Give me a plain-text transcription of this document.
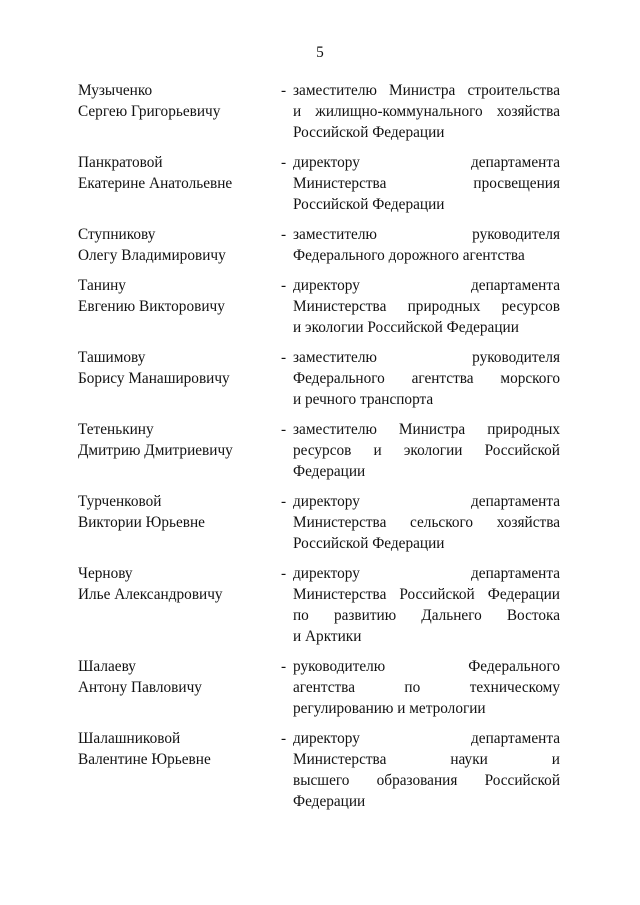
5
Музыченко
Сергею Григорьевичу
- заместителю Министра строительства
и жилищно-коммунального хозяйства
Российской Федерации
Панкратовой
Екатерине Анатольевне
- директору департамента
Министерства просвещения
Российской Федерации
Ступникову
Олегу Владимировичу
- заместителю руководителя
Федерального дорожного агентства
Танину
Евгению Викторовичу
- директору департамента
Министерства природных ресурсов
и экологии Российской Федерации
Ташимову
Борису Манашировичу
- заместителю руководителя
Федерального агентства морского
и речного транспорта
Тетенькину
Дмитрию Дмитриевичу
- заместителю Министра природных
ресурсов и экологии Российской
Федерации
Турченковой
Виктории Юрьевне
- директору департамента
Министерства сельского хозяйства
Российской Федерации
Чернову
Илье Александровичу
- директору департамента
Министерства Российской Федерации
по развитию Дальнего Востока
и Арктики
Шалаеву
Антону Павловичу
- руководителю Федерального
агентства по техническому
регулированию и метрологии
Шалашниковой
Валентине Юрьевне
- директору департамента
Министерства науки и
высшего образования Российской
Федерации
